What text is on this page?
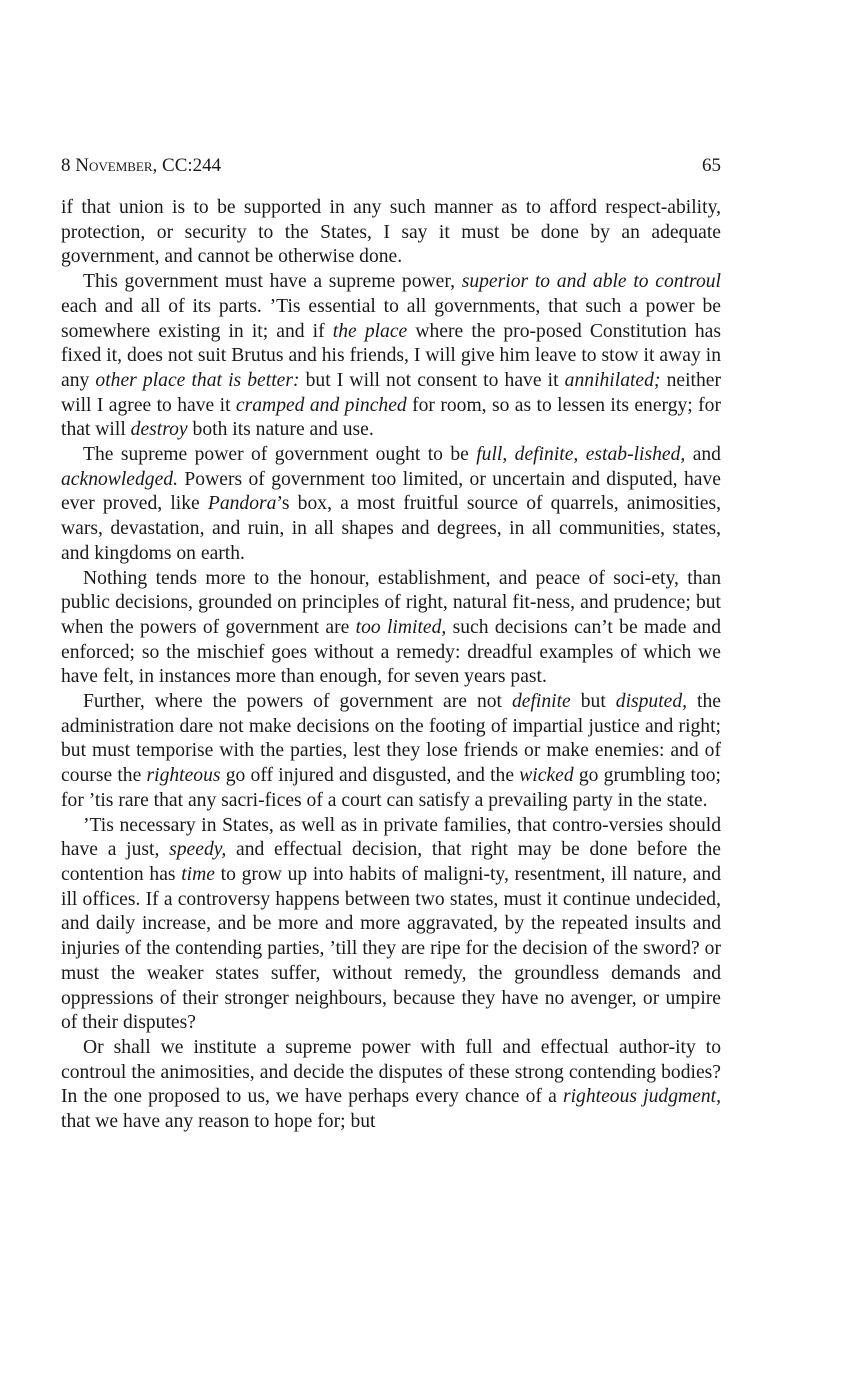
8 November, CC:244	65

if that union is to be supported in any such manner as to afford respect-ability, protection, or security to the States, I say it must be done by an adequate government, and cannot be otherwise done.

This government must have a supreme power, superior to and able to controul each and all of its parts. ’Tis essential to all governments, that such a power be somewhere existing in it; and if the place where the pro-posed Constitution has fixed it, does not suit Brutus and his friends, I will give him leave to stow it away in any other place that is better: but I will not consent to have it annihilated; neither will I agree to have it cramped and pinched for room, so as to lessen its energy; for that will destroy both its nature and use.

The supreme power of government ought to be full, definite, estab-lished, and acknowledged. Powers of government too limited, or uncertain and disputed, have ever proved, like Pandora’s box, a most fruitful source of quarrels, animosities, wars, devastation, and ruin, in all shapes and degrees, in all communities, states, and kingdoms on earth.

Nothing tends more to the honour, establishment, and peace of soci-ety, than public decisions, grounded on principles of right, natural fit-ness, and prudence; but when the powers of government are too limited, such decisions can’t be made and enforced; so the mischief goes without a remedy: dreadful examples of which we have felt, in instances more than enough, for seven years past.

Further, where the powers of government are not definite but disputed, the administration dare not make decisions on the footing of impartial justice and right; but must temporise with the parties, lest they lose friends or make enemies: and of course the righteous go off injured and disgusted, and the wicked go grumbling too; for ’tis rare that any sacri-fices of a court can satisfy a prevailing party in the state.

’Tis necessary in States, as well as in private families, that contro-versies should have a just, speedy, and effectual decision, that right may be done before the contention has time to grow up into habits of maligni-ty, resentment, ill nature, and ill offices. If a controversy happens between two states, must it continue undecided, and daily increase, and be more and more aggravated, by the repeated insults and injuries of the contending parties, ’till they are ripe for the decision of the sword? or must the weaker states suffer, without remedy, the groundless demands and oppressions of their stronger neighbours, because they have no avenger, or umpire of their disputes?

Or shall we institute a supreme power with full and effectual author-ity to controul the animosities, and decide the disputes of these strong contending bodies? In the one proposed to us, we have perhaps every chance of a righteous judgment, that we have any reason to hope for; but
